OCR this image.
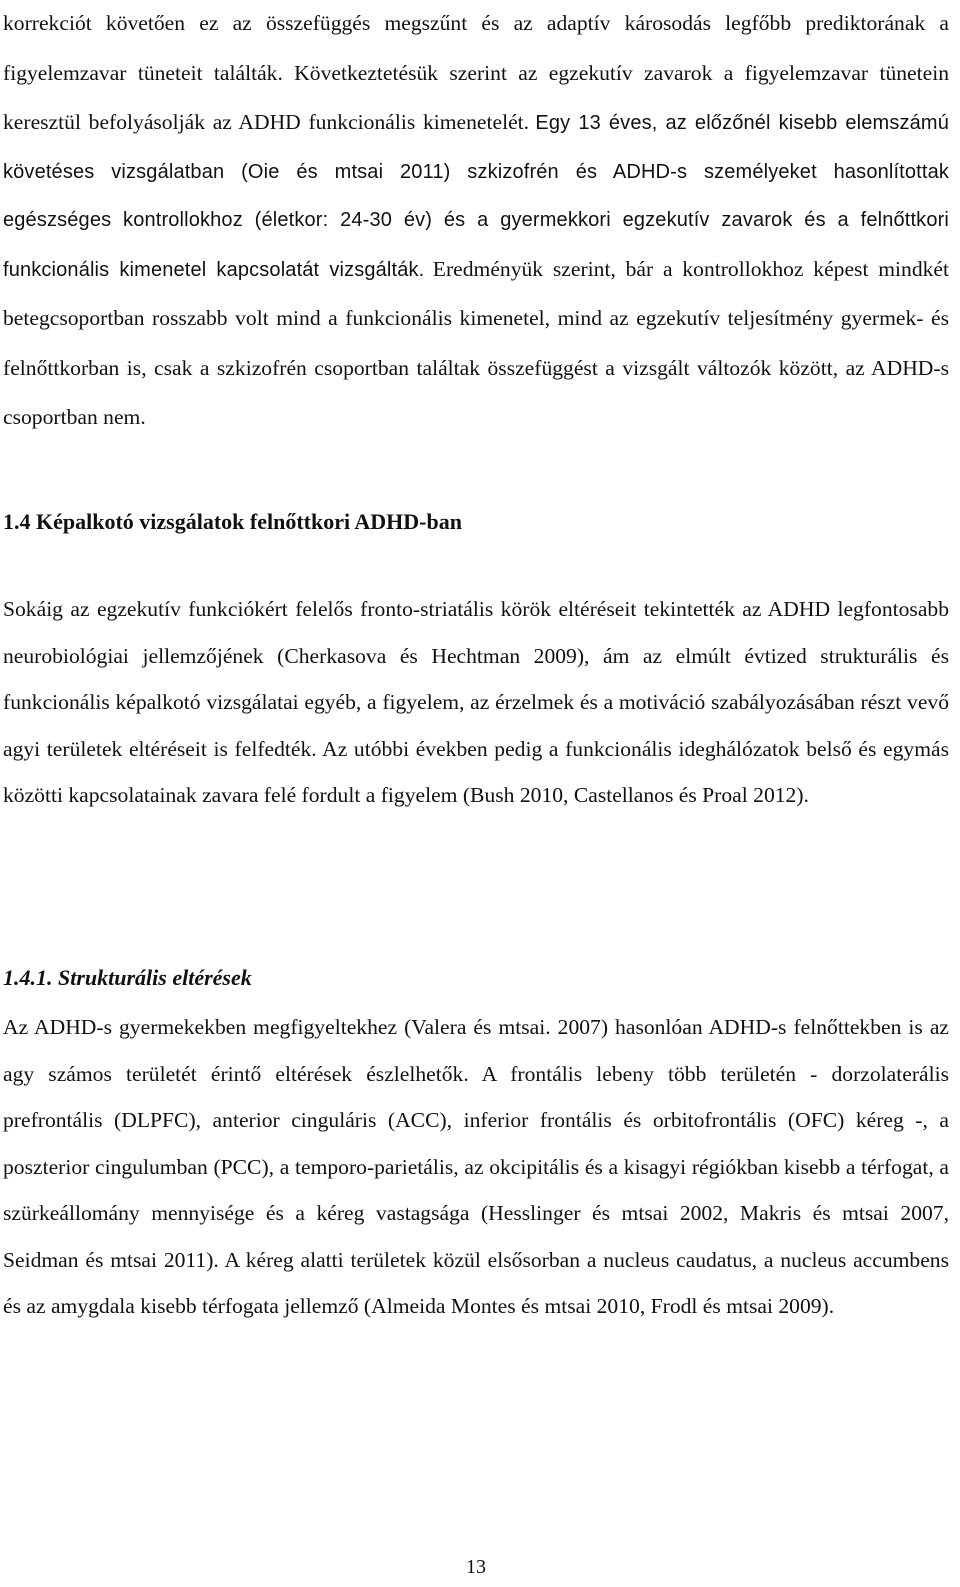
korrekciót követően ez az összefüggés megszűnt és az adaptív károsodás legfőbb prediktorának a figyelemzavar tüneteit találták. Következtetésük szerint az egzekutív zavarok a figyelemzavar tünetein keresztül befolyásolják az ADHD funkcionális kimenetelét. Egy 13 éves, az előzőnél kisebb elemszámú követéses vizsgálatban (Oie és mtsai 2011) szkizofrén és ADHD-s személyeket hasonlítottak egészséges kontrollokhoz (életkor: 24-30 év) és a gyermekkori egzekutív zavarok és a felnőttkori funkcionális kimenetel kapcsolatát vizsgálták. Eredményük szerint, bár a kontrollokhoz képest mindkét betegcsoportban rosszabb volt mind a funkcionális kimenetel, mind az egzekutív teljesítmény gyermek- és felnőttkorban is, csak a szkizofrén csoportban találtak összefüggést a vizsgált változók között, az ADHD-s csoportban nem.

1.4 Képalkotó vizsgálatok felnőttkori ADHD-ban

Sokáig az egzekutív funkciókért felelős fronto-striatális körök eltéréseit tekintették az ADHD legfontosabb neurobiológiai jellemzőjének (Cherkasova és Hechtman 2009), ám az elmúlt évtized strukturális és funkcionális képalkotó vizsgálatai egyéb, a figyelem, az érzelmek és a motiváció szabályozásában részt vevő agyi területek eltéréseit is felfedték. Az utóbbi években pedig a funkcionális ideghálózatok belső és egymás közötti kapcsolatainak zavara felé fordult a figyelem (Bush 2010, Castellanos és Proal 2012).

1.4.1. Strukturális eltérések

Az ADHD-s gyermekekben megfigyeltekhez (Valera és mtsai. 2007) hasonlóan ADHD-s felnőttekben is az agy számos területét érintő eltérések észlelhetők. A frontális lebeny több területén - dorzolaterális prefrontális (DLPFC), anterior cinguláris (ACC), inferior frontális és orbitofrontális (OFC) kéreg -, a poszterior cingulumban (PCC), a temporo-parietális, az okcipitális és a kisagyi régiókban kisebb a térfogat, a szürkeállomány mennyisége és a kéreg vastagsága (Hesslinger és mtsai 2002, Makris és mtsai 2007, Seidman és mtsai 2011). A kéreg alatti területek közül elsősorban a nucleus caudatus, a nucleus accumbens és az amygdala kisebb térfogata jellemző (Almeida Montes és mtsai 2010, Frodl és mtsai 2009).

13
